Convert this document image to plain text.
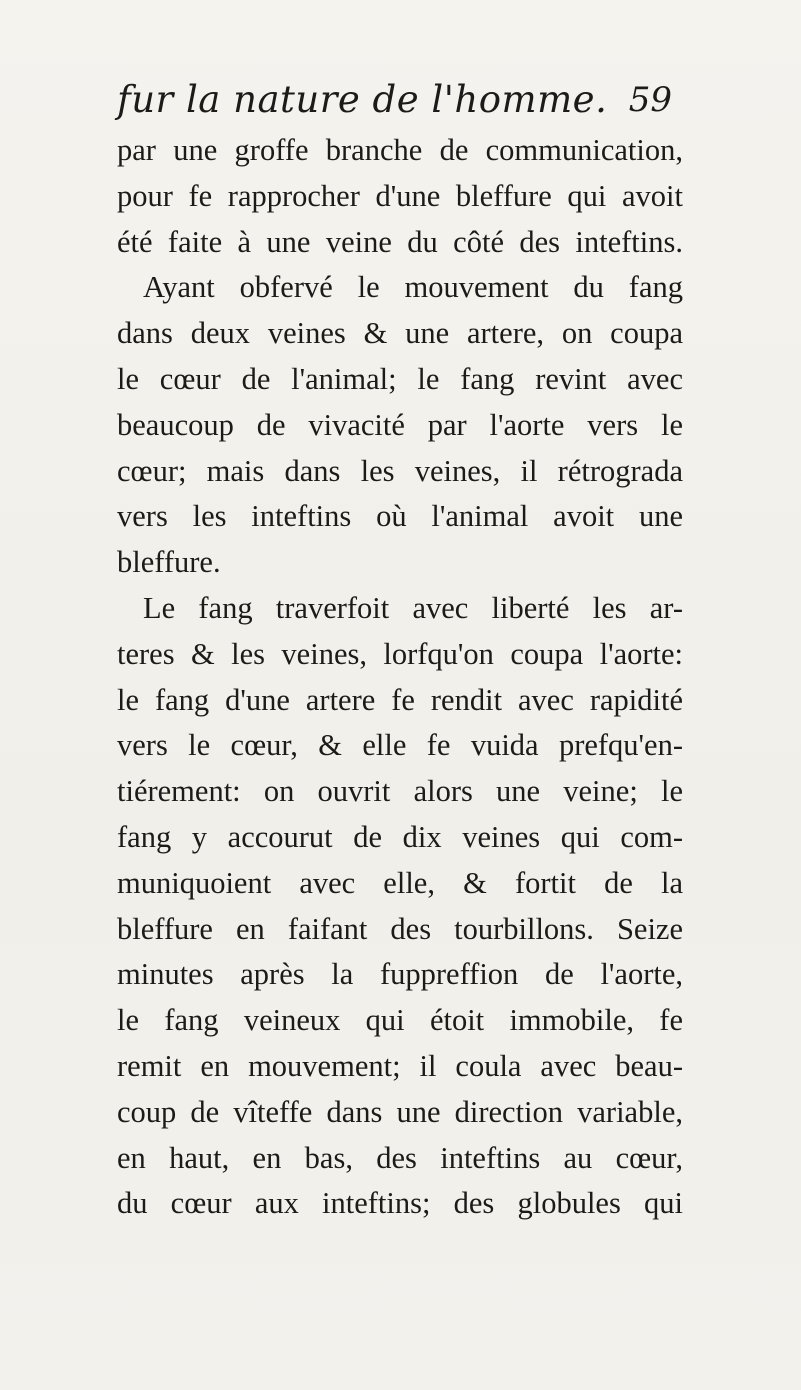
fur la nature de l'homme. 59
par une groffe branche de communication,
pour fe rapprocher d'une bleffure qui avoit
été faite à une veine du côté des inteftins.
Ayant obfervé le mouvement du fang
dans deux veines & une artere, on coupa
le cœur de l'animal; le fang revint avec
beaucoup de vivacité par l'aorte vers le
cœur; mais dans les veines, il rétrograda
vers les inteftins où l'animal avoit une
bleffure.
Le fang traverfoit avec liberté les ar-
teres & les veines, lorfqu'on coupa l'aorte:
le fang d'une artere fe rendit avec rapidité
vers le cœur, & elle fe vuida prefqu'en-
tiérement: on ouvrit alors une veine; le
fang y accourut de dix veines qui com-
muniquoient avec elle, & fortit de la
bleffure en faifant des tourbillons. Seize
minutes après la fuppreffion de l'aorte,
le fang veineux qui étoit immobile, fe
remit en mouvement; il coula avec beau-
coup de vîteffe dans une direction variable,
en haut, en bas, des inteftins au cœur,
du cœur aux inteftins; des globules qui
